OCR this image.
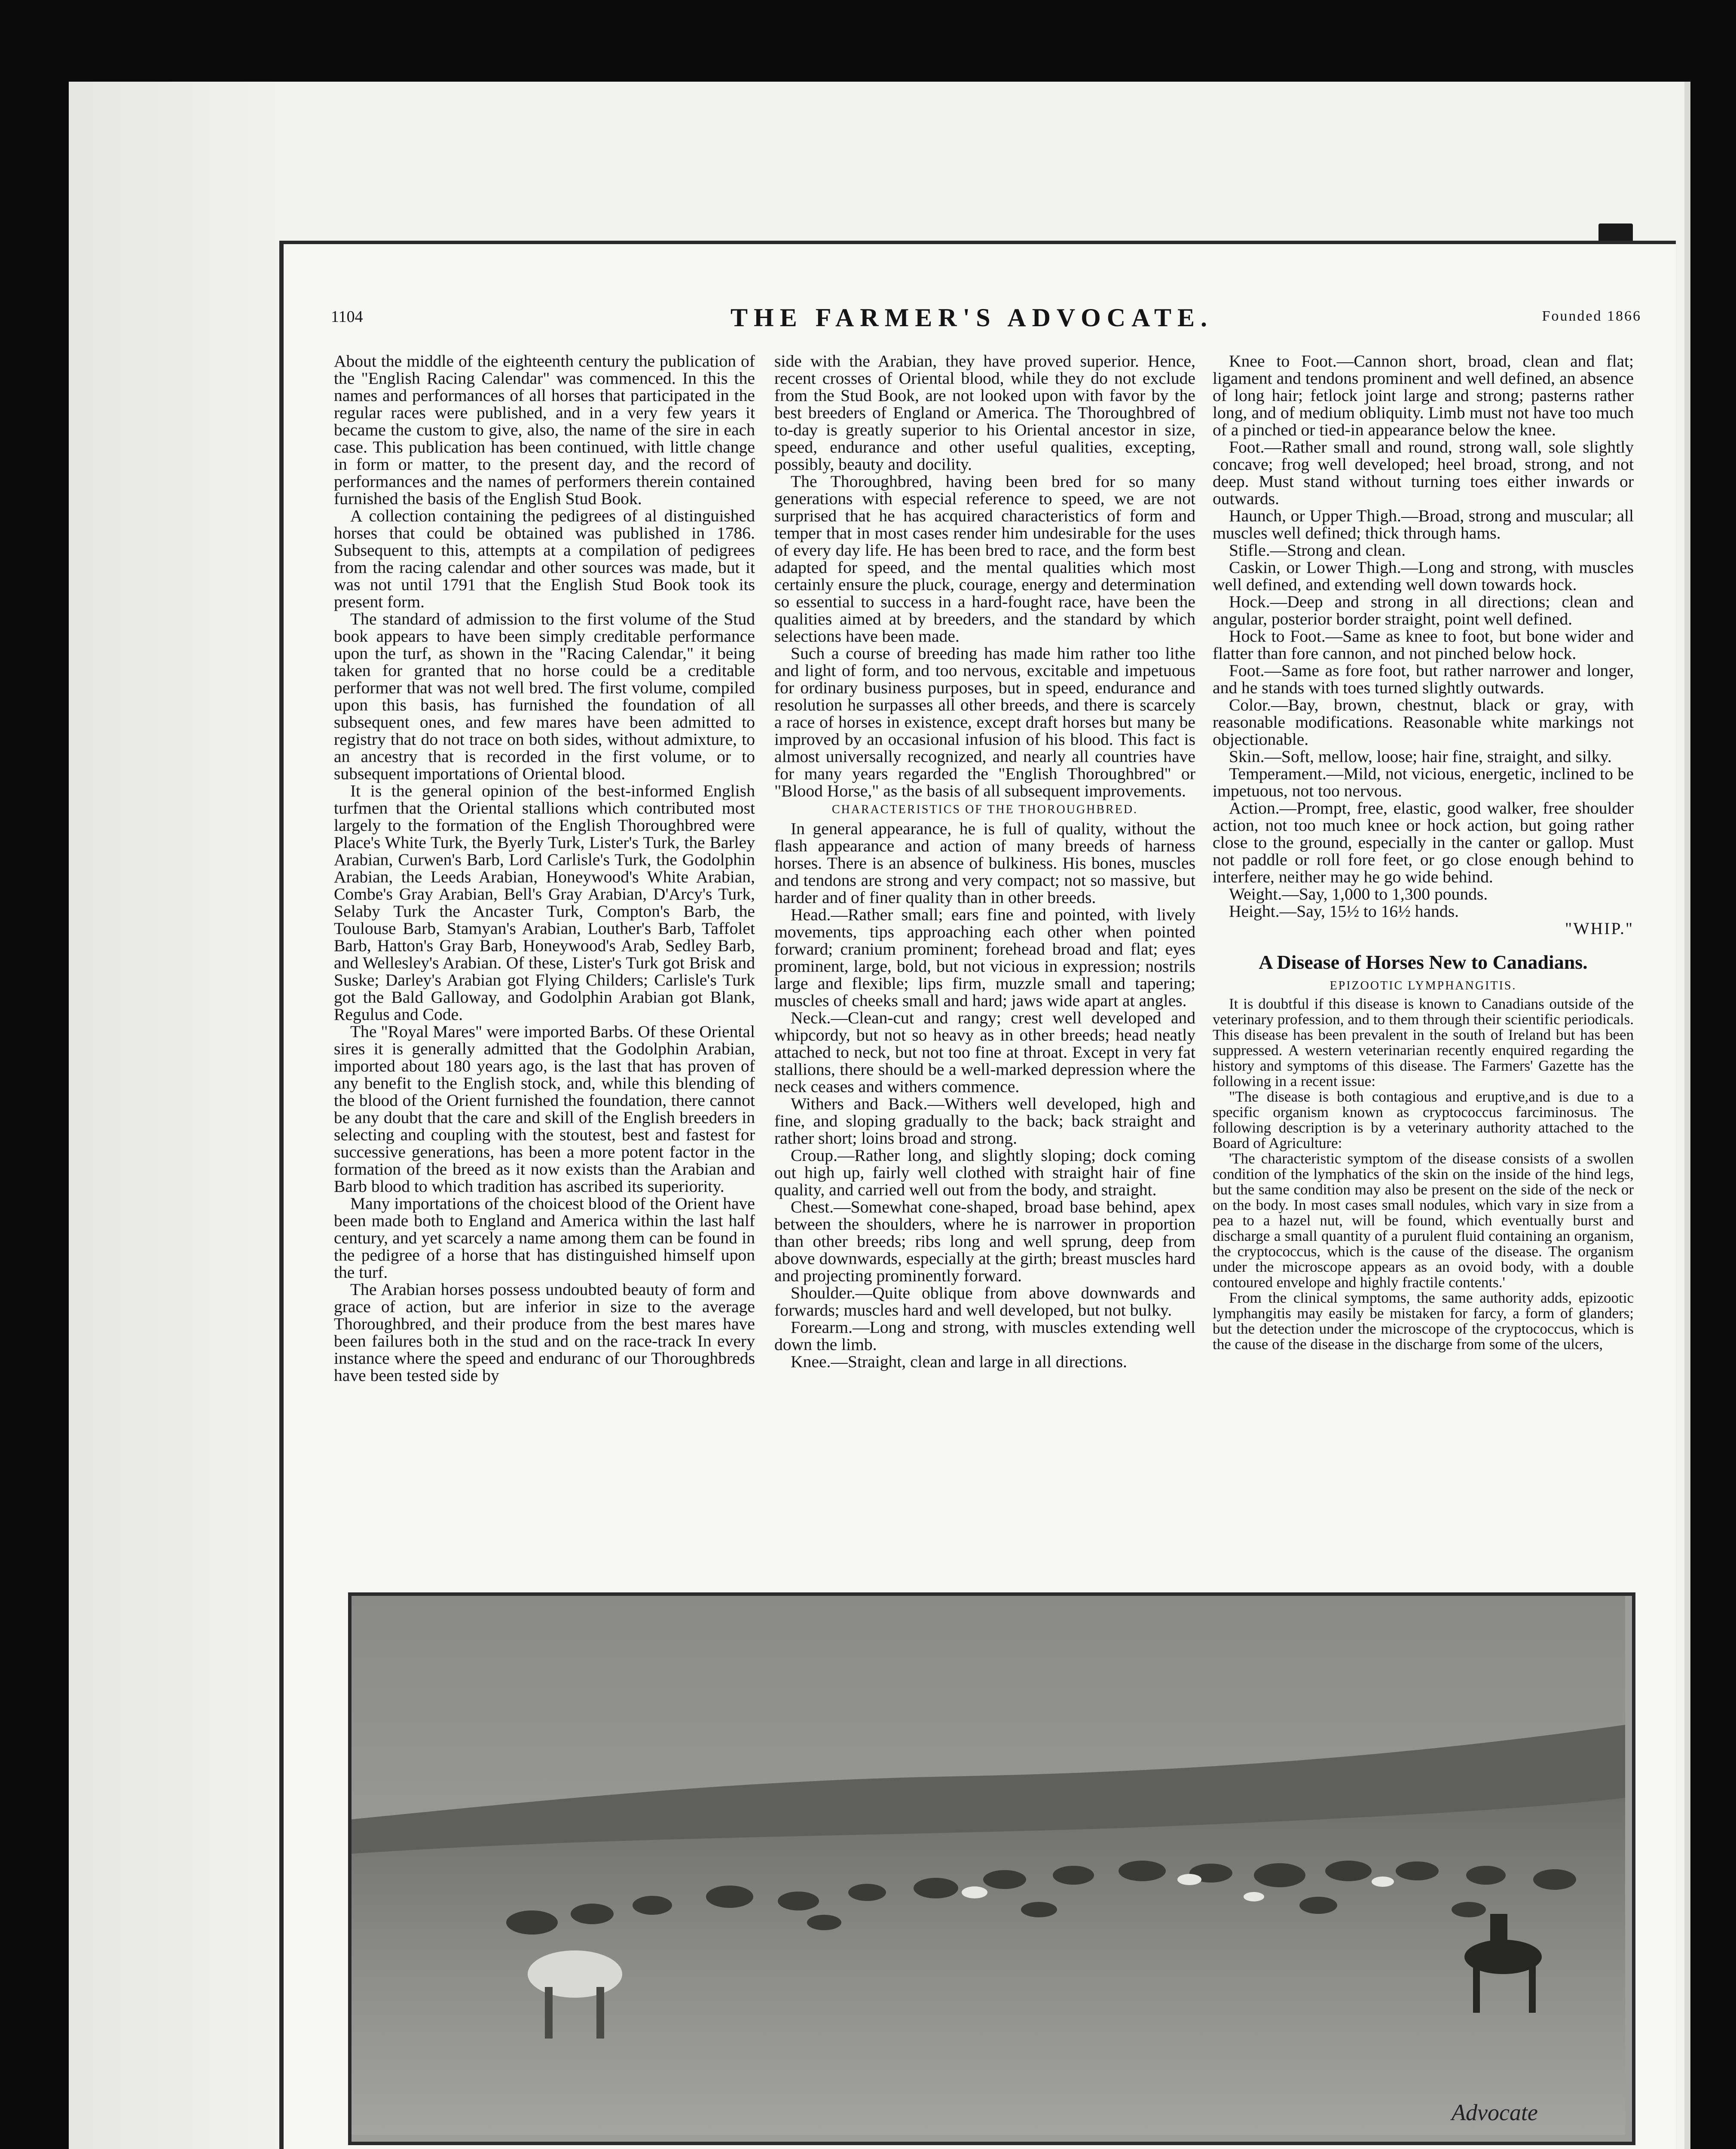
1104	THE FARMER'S ADVOCATE.	Founded 1866

About the middle of the eighteenth century the publication of the "English Racing Calendar" was commenced. In this the names and performances of all horses that participated in the regular races were published, and in a very few years it became the custom to give, also, the name of the sire in each case. This publication has been continued, with little change in form or matter, to the present day, and the record of performances and the names of performers therein contained furnished the basis of the English Stud Book.

A collection containing the pedigrees of al distinguished horses that could be obtained was published in 1786. Subsequent to this, attempts at a compilation of pedigrees from the racing calendar and other sources was made, but it was not until 1791 that the English Stud Book took its present form.

The standard of admission to the first volume of the Stud book appears to have been simply creditable performance upon the turf, as shown in the "Racing Calendar," it being taken for granted that no horse could be a creditable performer that was not well bred. The first volume, compiled upon this basis, has furnished the foundation of all subsequent ones, and few mares have been admitted to registry that do not trace on both sides, without admixture, to an ancestry that is recorded in the first volume, or to subsequent importations of Oriental blood.

It is the general opinion of the best-informed English turfmen that the Oriental stallions which contributed most largely to the formation of the English Thoroughbred were Place's White Turk, the Byerly Turk, Lister's Turk, the Barley Arabian, Curwen's Barb, Lord Carlisle's Turk, the Godolphin Arabian, the Leeds Arabian, Honeywood's White Arabian, Combe's Gray Arabian, Bell's Gray Arabian, D'Arcy's Turk, Selaby Turk the Ancaster Turk, Compton's Barb, the Toulouse Barb, Stamyan's Arabian, Louther's Barb, Taffolet Barb, Hatton's Gray Barb, Honeywood's Arab, Sedley Barb, and Wellesley's Arabian. Of these, Lister's Turk got Brisk and Suske; Darley's Arabian got Flying Childers; Carlisle's Turk got the Bald Galloway, and Godolphin Arabian got Blank, Regulus and Code.

The "Royal Mares" were imported Barbs. Of these Oriental sires it is generally admitted that the Godolphin Arabian, imported about 180 years ago, is the last that has proven of any benefit to the English stock, and, while this blending of the blood of the Orient furnished the foundation, there cannot be any doubt that the care and skill of the English breeders in selecting and coupling with the stoutest, best and fastest for successive generations, has been a more potent factor in the formation of the breed as it now exists than the Arabian and Barb blood to which tradition has ascribed its superiority.

Many importations of the choicest blood of the Orient have been made both to England and America within the last half century, and yet scarcely a name among them can be found in the pedigree of a horse that has distinguished himself upon the turf.

The Arabian horses possess undoubted beauty of form and grace of action, but are inferior in size to the average Thoroughbred, and their produce from the best mares have been failures both in the stud and on the race-track In every instance where the speed and enduranc of our Thoroughbreds have been tested side by

side with the Arabian, they have proved superior. Hence, recent crosses of Oriental blood, while they do not exclude from the Stud Book, are not looked upon with favor by the best breeders of England or America. The Thoroughbred of to-day is greatly superior to his Oriental ancestor in size, speed, endurance and other useful qualities, excepting, possibly, beauty and docility.

The Thoroughbred, having been bred for so many generations with especial reference to speed, we are not surprised that he has acquired characteristics of form and temper that in most cases render him undesirable for the uses of every day life. He has been bred to race, and the form best adapted for speed, and the mental qualities which most certainly ensure the pluck, courage, energy and determination so essential to success in a hard-fought race, have been the qualities aimed at by breeders, and the standard by which selections have been made.

Such a course of breeding has made him rather too lithe and light of form, and too nervous, excitable and impetuous for ordinary business purposes, but in speed, endurance and resolution he surpasses all other breeds, and there is scarcely a race of horses in existence, except draft horses but many be improved by an occasional infusion of his blood. This fact is almost universally recognized, and nearly all countries have for many years regarded the "English Thoroughbred" or "Blood Horse," as the basis of all subsequent improvements.

CHARACTERISTICS OF THE THOROUGHBRED.

In general appearance, he is full of quality, without the flash appearance and action of many breeds of harness horses. There is an absence of bulkiness. His bones, muscles and tendons are strong and very compact; not so massive, but harder and of finer quality than in other breeds.

Head.—Rather small; ears fine and pointed, with lively movements, tips approaching each other when pointed forward; cranium prominent; forehead broad and flat; eyes prominent, large, bold, but not vicious in expression; nostrils large and flexible; lips firm, muzzle small and tapering; muscles of cheeks small and hard; jaws wide apart at angles.

Neck.—Clean-cut and rangy; crest well developed and whipcordy, but not so heavy as in other breeds; head neatly attached to neck, but not too fine at throat. Except in very fat stallions, there should be a well-marked depression where the neck ceases and withers commence.

Withers and Back.—Withers well developed, high and fine, and sloping gradually to the back; back straight and rather short; loins broad and strong.

Croup.—Rather long, and slightly sloping; dock coming out high up, fairly well clothed with straight hair of fine quality, and carried well out from the body, and straight.

Chest.—Somewhat cone-shaped, broad base behind, apex between the shoulders, where he is narrower in proportion than other breeds; ribs long and well sprung, deep from above downwards, especially at the girth; breast muscles hard and projecting prominently forward.

Shoulder.—Quite oblique from above downwards and forwards; muscles hard and well developed, but not bulky.

Forearm.—Long and strong, with muscles extending well down the limb.

Knee.—Straight, clean and large in all directions.

Knee to Foot.—Cannon short, broad, clean and flat; ligament and tendons prominent and well defined, an absence of long hair; fetlock joint large and strong; pasterns rather long, and of medium obliquity. Limb must not have too much of a pinched or tied-in appearance below the knee.

Foot.—Rather small and round, strong wall, sole slightly concave; frog well developed; heel broad, strong, and not deep. Must stand without turning toes either inwards or outwards.

Haunch, or Upper Thigh.—Broad, strong and muscular; all muscles well defined; thick through hams.

Stifle.—Strong and clean.

Caskin, or Lower Thigh.—Long and strong, with muscles well defined, and extending well down towards hock.

Hock.—Deep and strong in all directions; clean and angular, posterior border straight, point well defined.

Hock to Foot.—Same as knee to foot, but bone wider and flatter than fore cannon, and not pinched below hock.

Foot.—Same as fore foot, but rather narrower and longer, and he stands with toes turned slightly outwards.

Color.—Bay, brown, chestnut, black or gray, with reasonable modifications. Reasonable white markings not objectionable.

Skin.—Soft, mellow, loose; hair fine, straight, and silky.

Temperament.—Mild, not vicious, energetic, inclined to be impetuous, not too nervous.

Action.—Prompt, free, elastic, good walker, free shoulder action, not too much knee or hock action, but going rather close to the ground, especially in the canter or gallop. Must not paddle or roll fore feet, or go close enough behind to interfere, neither may he go wide behind.

Weight.—Say, 1,000 to 1,300 pounds.

Height.—Say, 15½ to 16½ hands.

"WHIP."

A Disease of Horses New to Canadians.

EPIZOOTIC LYMPHANGITIS.

It is doubtful if this disease is known to Canadians outside of the veterinary profession, and to them through their scientific periodicals. This disease has been prevalent in the south of Ireland but has been suppressed. A western veterinarian recently enquired regarding the history and symptoms of this disease. The Farmers' Gazette has the following in a recent issue:

"The disease is both contagious and eruptive,and is due to a specific organism known as cryptococcus farciminosus. The following description is by a veterinary authority attached to the Board of Agriculture:

'The characteristic symptom of the disease consists of a swollen condition of the lymphatics of the skin on the inside of the hind legs, but the same condition may also be present on the side of the neck or on the body. In most cases small nodules, which vary in size from a pea to a hazel nut, will be found, which eventually burst and discharge a small quantity of a purulent fluid containing an organism, the cryptococcus, which is the cause of the disease. The organism under the microscope appears as an ovoid body, with a double contoured envelope and highly fractile contents.'

From the clinical symptoms, the same authority adds, epizootic lymphangitis may easily be mistaken for farcy, a form of glanders; but the detection under the microscope of the cryptococcus, which is the cause of the disease in the discharge from some of the ulcers,

Advocate
